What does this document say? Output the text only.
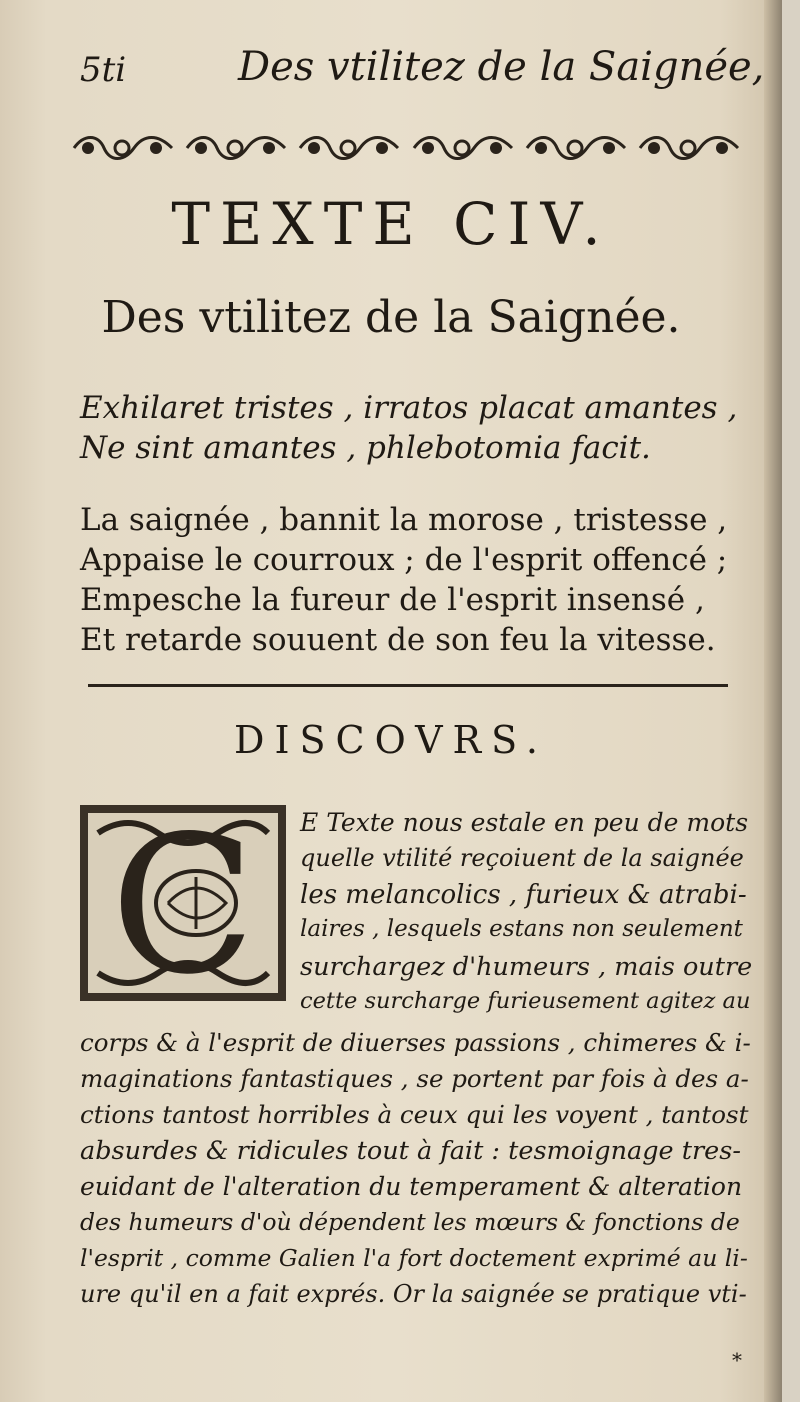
5ti	Des vtilitez de la Saignée,
TEXTE CIV.
Des vtilitez de la Saignée.
Exhilaret tristes , irratos placat amantes ,
Ne sint amantes , phlebotomia facit.
La saignée , bannit la morose , tristesse ,
Appaise le courroux ; de l'esprit offencé ;
Empesche la fureur de l'esprit insensé ,
Et retarde souuent de son feu la vitesse.
DISCOVRS.
C E Texte nous estale en peu de mots
quelle vtilité reçoiuent de la saignée
les melancolics , furieux & atrabi-
laires , lesquels estans non seulement
surchargez d'humeurs , mais outre
cette surcharge furieusement agitez au
corps & à l'esprit de diuerses passions , chimeres & i-
maginations fantastiques , se portent par fois à des a-
ctions tantost horribles à ceux qui les voyent , tantost
absurdes & ridicules tout à fait : tesmoignage tres-
euidant de l'alteration du temperament & alteration
des humeurs d'où dépendent les mœurs & fonctions de
l'esprit , comme Galien l'a fort doctement exprimé au li-
ure qu'il en a fait exprés. Or la saignée se pratique vti-
*
